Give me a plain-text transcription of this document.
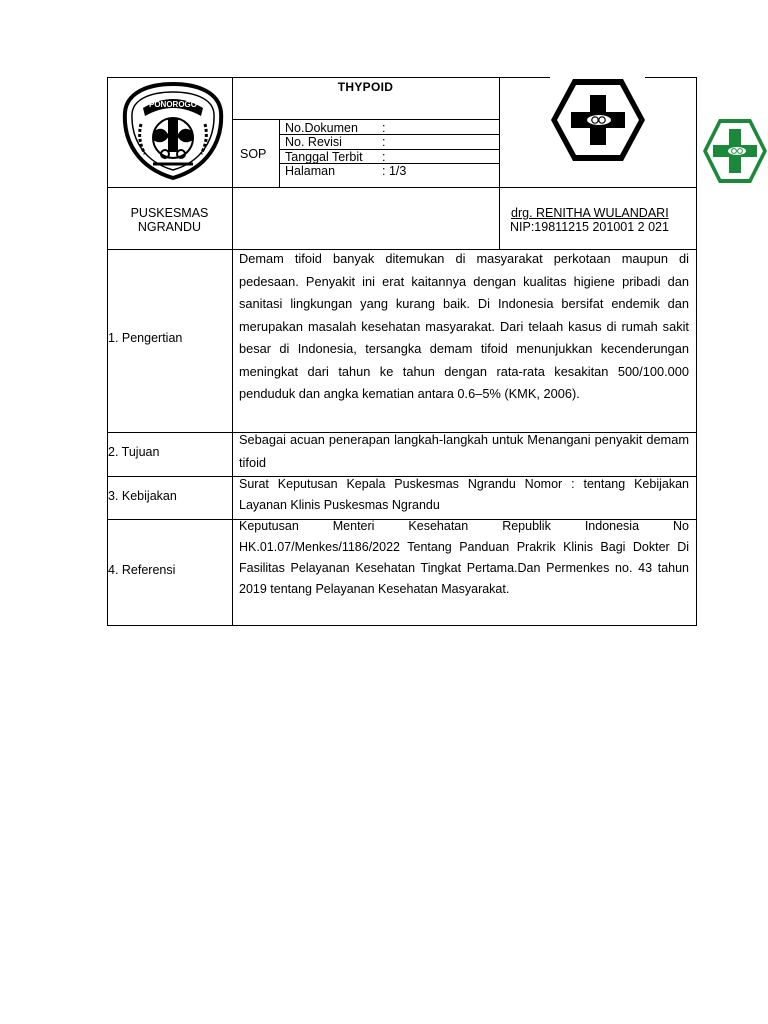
PONOROGO
THYPOID
SOP
No.Dokumen :
No. Revisi	:
Tanggal Terbit :
Halaman	: 1/3
PUSKESMAS
NGRANDU
drg. RENITHA WULANDARI
NIP:19811215 201001 2 021
1. Pengertian
Demam tifoid banyak ditemukan di masyarakat perkotaan maupun di pedesaan. Penyakit ini erat kaitannya dengan kualitas higiene pribadi dan sanitasi lingkungan yang kurang baik. Di Indonesia bersifat endemik dan merupakan masalah kesehatan masyarakat. Dari telaah kasus di rumah sakit besar di Indonesia, tersangka demam tifoid menunjukkan kecenderungan meningkat dari tahun ke tahun dengan rata-rata kesakitan 500/100.000 penduduk dan angka kematian antara 0.6–5% (KMK, 2006).
2. Tujuan
Sebagai acuan penerapan langkah-langkah untuk Menangani penyakit demam tifoid
3. Kebijakan
Surat Keputusan Kepala Puskesmas Ngrandu Nomor : tentang Kebijakan Layanan Klinis Puskesmas Ngrandu
4. Referensi
Keputusan Menteri Kesehatan Republik Indonesia No HK.01.07/Menkes/1186/2022 Tentang Panduan Prakrik Klinis Bagi Dokter Di Fasilitas Pelayanan Kesehatan Tingkat Pertama.Dan Permenkes no. 43 tahun 2019 tentang Pelayanan Kesehatan Masyarakat.
